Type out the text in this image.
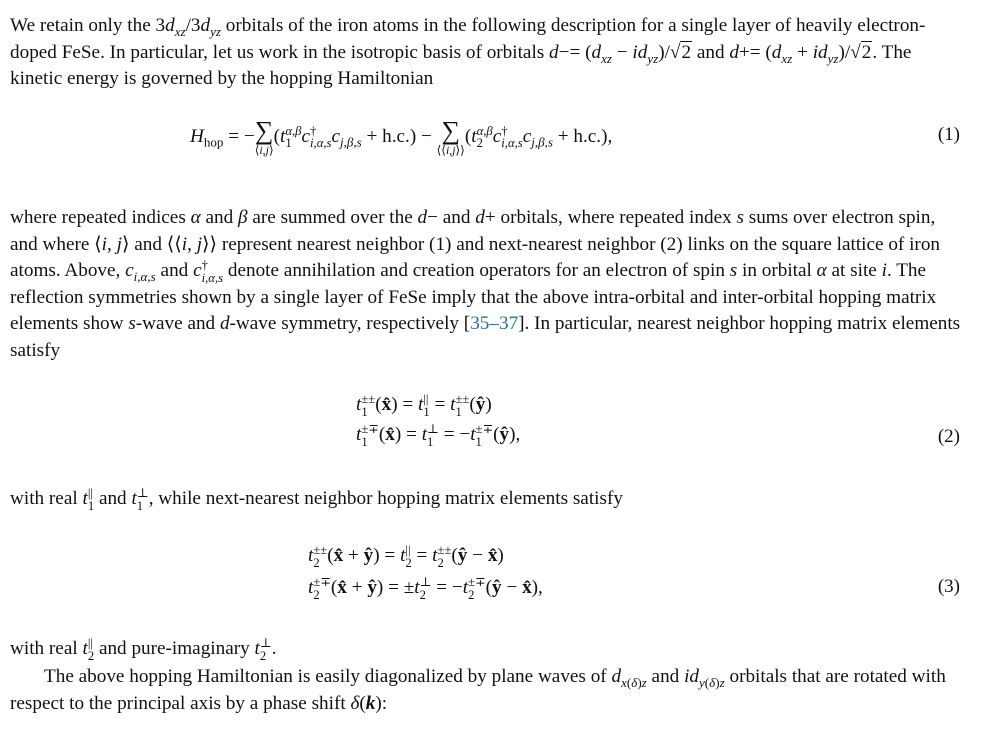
We retain only the $3d_{xz}/3d_{yz}$ orbitals of the iron atoms in the following description for a single layer of heavily electron-doped FeSe. In particular, let us work in the isotropic basis of orbitals $d-= (d_{xz} - id_{yz})/√2$ and $d+= (d_{xz} + id_{yz})/√2$. The kinetic energy is governed by the hopping Hamiltonian

$H_{hop}$ = − ∑
⟨i,j⟩
(t α,β
1 c †
i,α,s $c_{j,\beta,s} + h.c$.) − ∑
⟨⟨i,j⟩⟩
(t α,β
2 c †
i,α,s $c_{j,\beta,s} + h.c$.),	(1)

where repeated indices α and β are summed over the d− and d+ orbitals, where repeated index s sums over electron spin, and where ⟨i, j⟩ and ⟨⟨i, j⟩⟩ represent nearest neighbor (1) and next-nearest neighbor (2) links on the square lattice of iron atoms. Above, $c_{i,\alpha,s}$ and c †
i,α,s denote annihilation and creation operators for an electron of spin s in orbital α at site i. The reflection symmetries shown by a single layer of FeSe imply that the above intra-orbital and inter-orbital hopping matrix elements show s-wave and d-wave symmetry, respectively [35–37]. In particular, nearest neighbor hopping matrix elements satisfy

t ±±
1 (x̂) = t ||
1 = t ±±
1 (ŷ)
t ±∓
1 (x̂) = t ⊥
1 = −t ±∓
1 (ŷ),	(2)

with real t ||
1 and t ⊥
1 , while next-nearest neighbor hopping matrix elements satisfy

t ±±
2 (x̂ + ŷ) = t ||
2 = t ±±
2 (ŷ − x̂)
t ±∓
2 (x̂ + ŷ) = ±t ⊥
2 = −t ±∓
2 (ŷ − x̂),	(3)

with real t ||
2 and pure-imaginary t ⊥
2 .

The above hopping Hamiltonian is easily diagonalized by plane waves of $d_{x(\delta)z}$ and $id_{y(\delta)z}$ orbitals that are rotated with respect to the principal axis by a phase shift δ(k):
